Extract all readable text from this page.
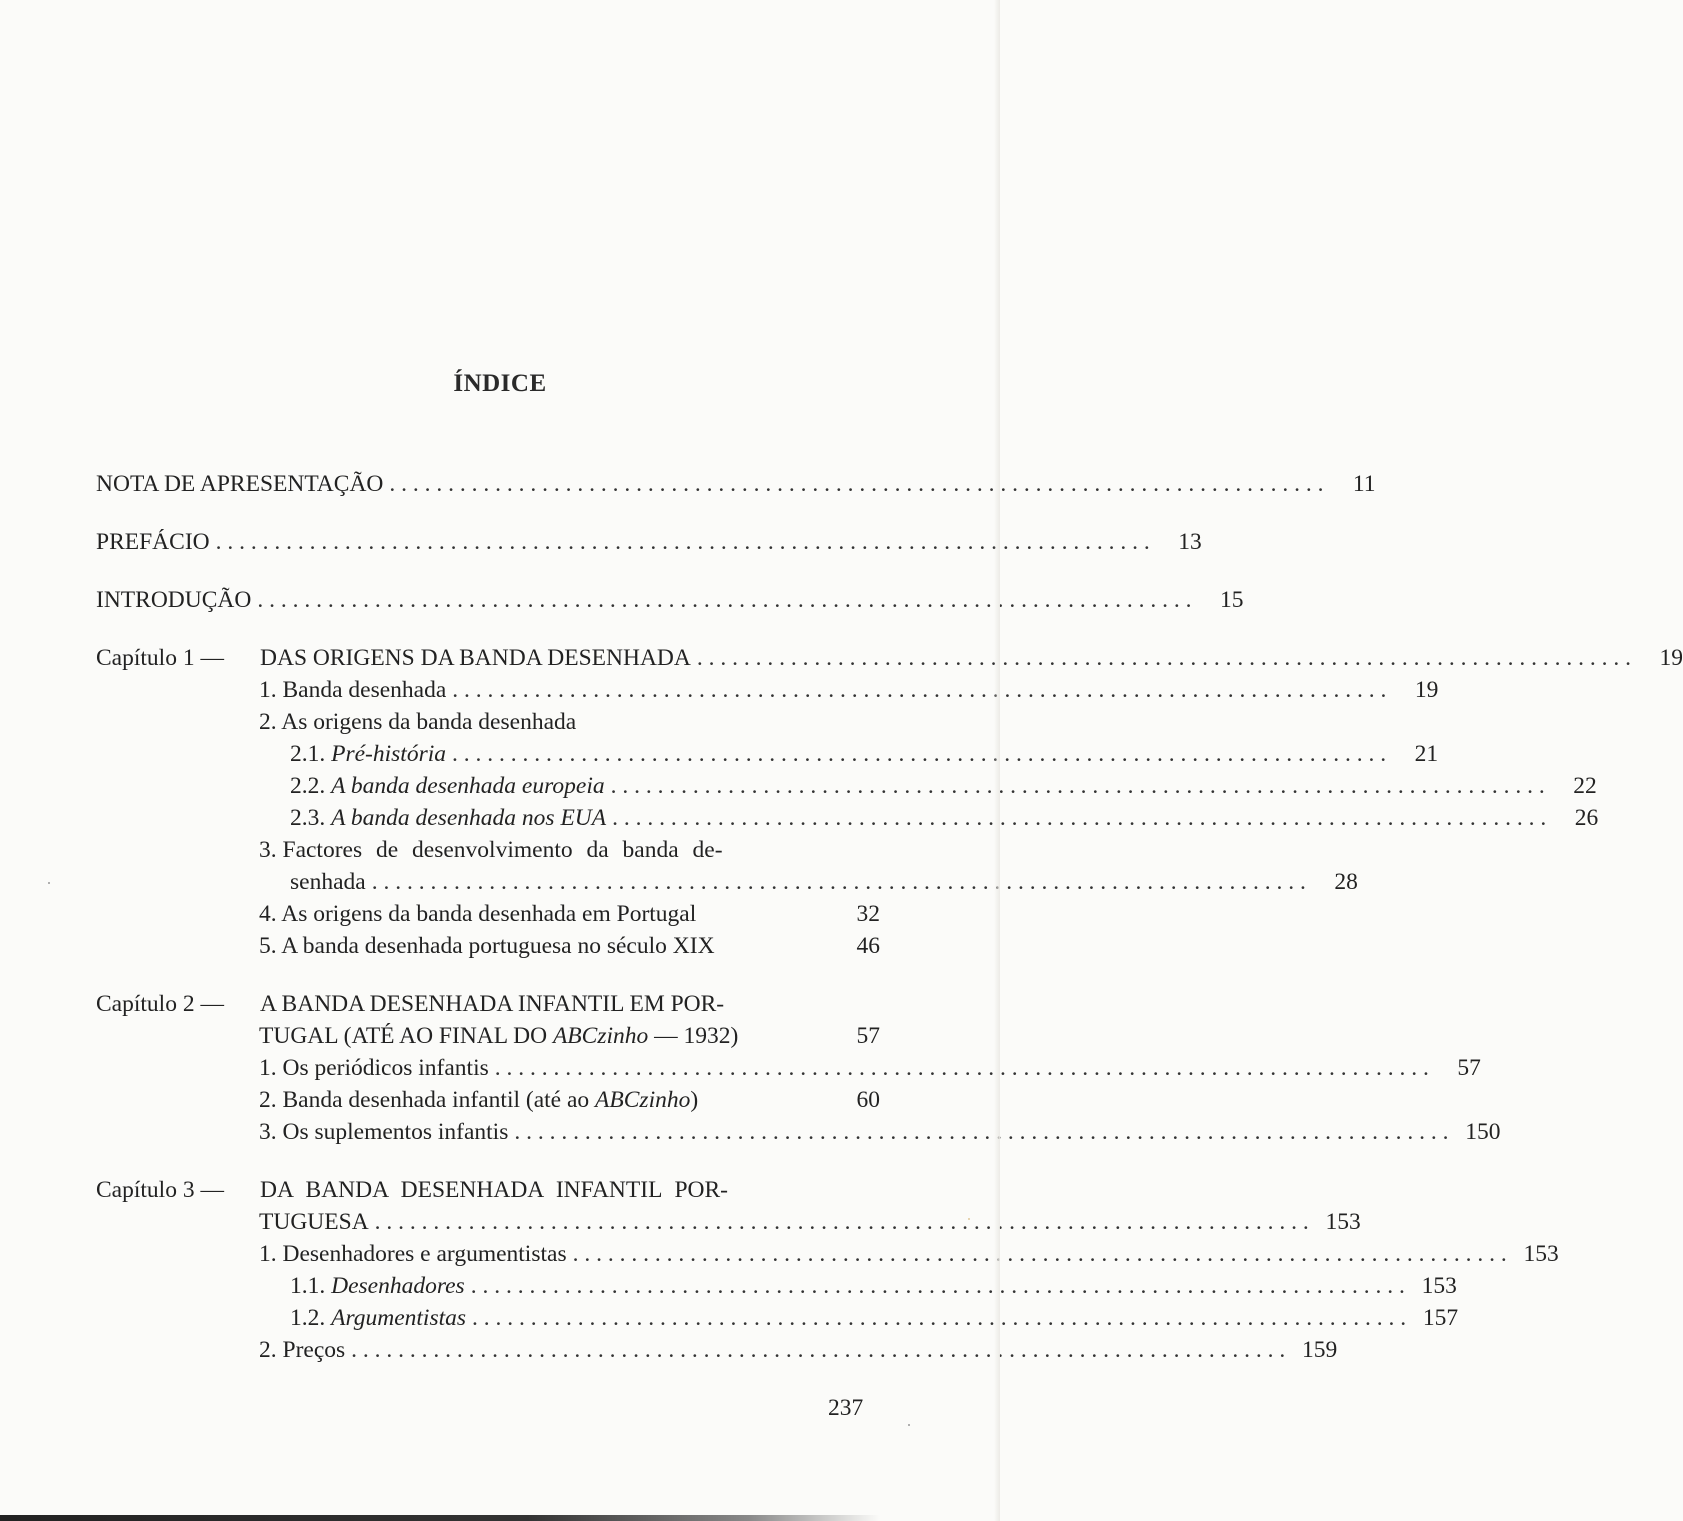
ÍNDICE
NOTA DE APRESENTAÇÃO . . .	11
PREFÁCIO . . .	13
INTRODUÇÃO . . .	15
Capítulo 1 — DAS ORIGENS DA BANDA DESENHADA . . .	19
1. Banda desenhada . . .	19
2. As origens da banda desenhada
2.1. Pré-história . . .	21
2.2. A banda desenhada europeia . . .	22
2.3. A banda desenhada nos EUA . . .	26
3. Factores de desenvolvimento da banda de-
senhada . . .	28
4. As origens da banda desenhada em Portugal	32
5. A banda desenhada portuguesa no século XIX	46
Capítulo 2 — A BANDA DESENHADA INFANTIL EM POR-
TUGAL (ATÉ AO FINAL DO ABCzinho — 1932)	57
1. Os periódicos infantis . . .	57
2. Banda desenhada infantil (até ao ABCzinho)	60
3. Os suplementos infantis . . .	150
Capítulo 3 — DA BANDA DESENHADA INFANTIL POR-
TUGUESA . . .	153
1. Desenhadores e argumentistas . . .	153
1.1. Desenhadores . . .	153
1.2. Argumentistas . . .	157
2. Preços . . .	159
237
